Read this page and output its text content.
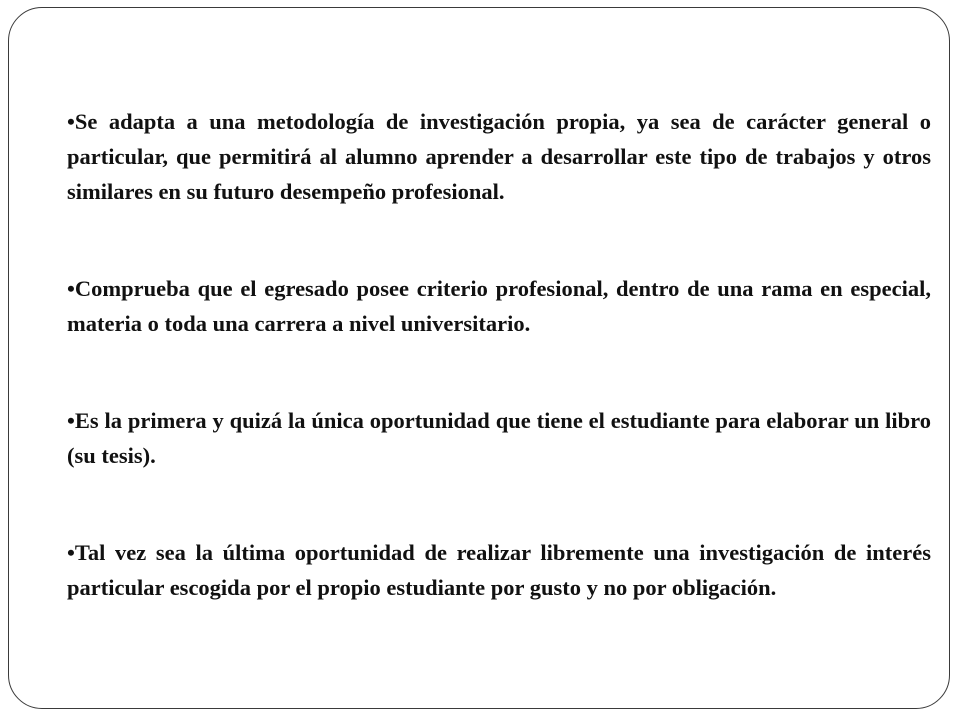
•Se adapta a una metodología de investigación propia, ya sea de carácter general o particular, que permitirá al alumno aprender a desarrollar este tipo de trabajos y otros similares en su futuro desempeño profesional.

•Comprueba que el egresado posee criterio profesional, dentro de una rama en especial, materia o toda una carrera a nivel universitario.

•Es la primera y quizá la única oportunidad que tiene el estudiante para elaborar un libro (su tesis).

•Tal vez sea la última oportunidad de realizar libremente una investigación de interés particular escogida por el propio estudiante por gusto y no por obligación.
